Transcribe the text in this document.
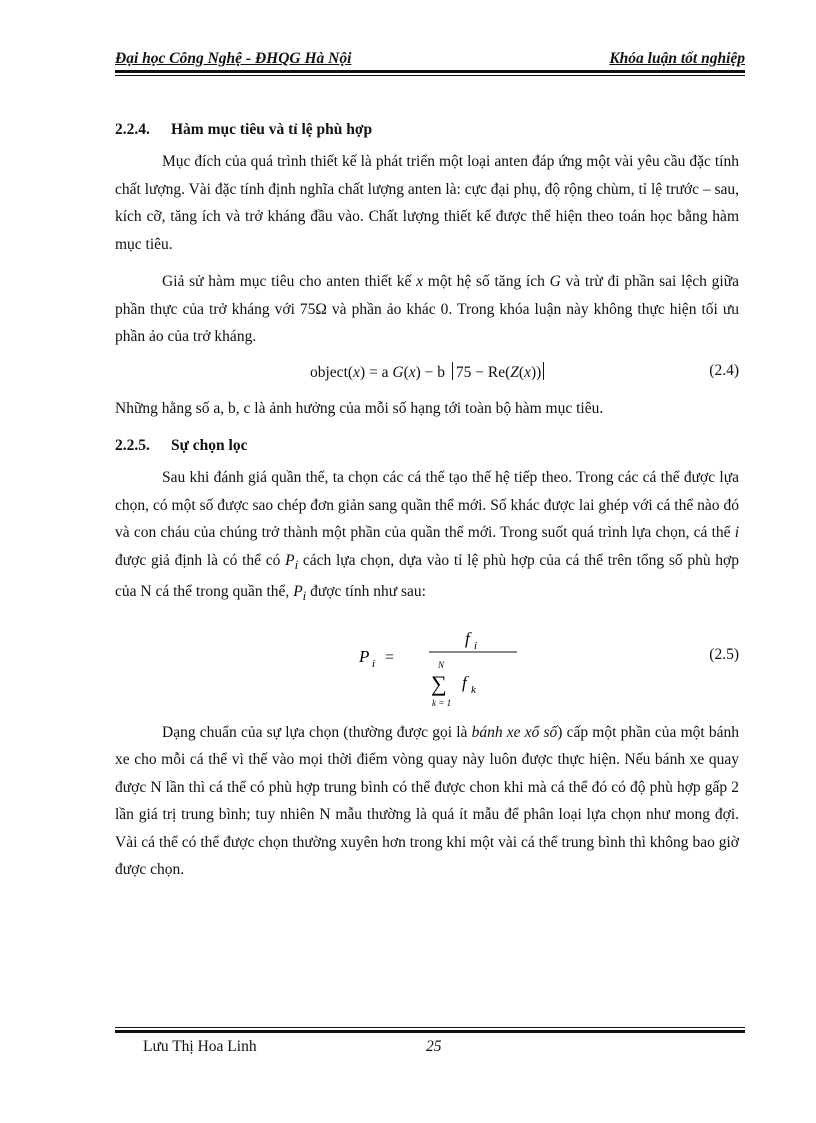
Đại học Công Nghệ - ĐHQG Hà Nội	Khóa luận tốt nghiệp
2.2.4. Hàm mục tiêu và tỉ lệ phù hợp

Mục đích của quá trình thiết kế là phát triển một loại anten đáp ứng một vài yêu cầu đặc tính chất lượng. Vài đặc tính định nghĩa chất lượng anten là: cực đại phụ, độ rộng chùm, tỉ lệ trước – sau, kích cỡ, tăng ích và trở kháng đầu vào. Chất lượng thiết kế được thể hiện theo toán học bằng hàm mục tiêu.

Giả sử hàm mục tiêu cho anten thiết kế x một hệ số tăng ích G và trừ đi phần sai lệch giữa phần thực của trở kháng với 75Ω và phần ảo khác 0. Trong khóa luận này không thực hiện tối ưu phần ảo của trở kháng.

object(x) = a G(x) − b 75 − Re(Z(x))	(2.4)

Những hằng số a, b, c là ảnh hưởng của mỗi số hạng tới toàn bộ hàm mục tiêu.

2.2.5. Sự chọn lọc

Sau khi đánh giá quần thể, ta chọn các cá thể tạo thế hệ tiếp theo. Trong các cá thể được lựa chọn, có một số được sao chép đơn giản sang quần thể mới. Số khác được lai ghép với cá thể nào đó và con cháu của chúng trở thành một phần của quần thể mới. Trong suốt quá trình lựa chọn, cá thể i được giả định là có thể có $P_i$ cách lựa chọn, dựa vào tỉ lệ phù hợp của cá thể trên tổng số phù hợp của N cá thể trong quần thể, $P_i$ được tính như sau:

P i =
f i
N
∑
k = 1
f k
(2.5)

Dạng chuẩn của sự lựa chọn (thường được gọi là bánh xe xổ số) cấp một phần của một bánh xe cho mỗi cá thể vì thế vào mọi thời điểm vòng quay này luôn được thực hiện. Nếu bánh xe quay được N lần thì cá thể có phù hợp trung bình có thể được chon khi mà cá thể đó có độ phù hợp gấp 2 lần giá trị trung bình; tuy nhiên N mẫu thường là quá ít mẫu để phân loại lựa chọn như mong đợi. Vài cá thể có thể được chọn thường xuyên hơn trong khi một vài cá thể trung bình thì không bao giờ được chọn.

Lưu Thị Hoa Linh	25
